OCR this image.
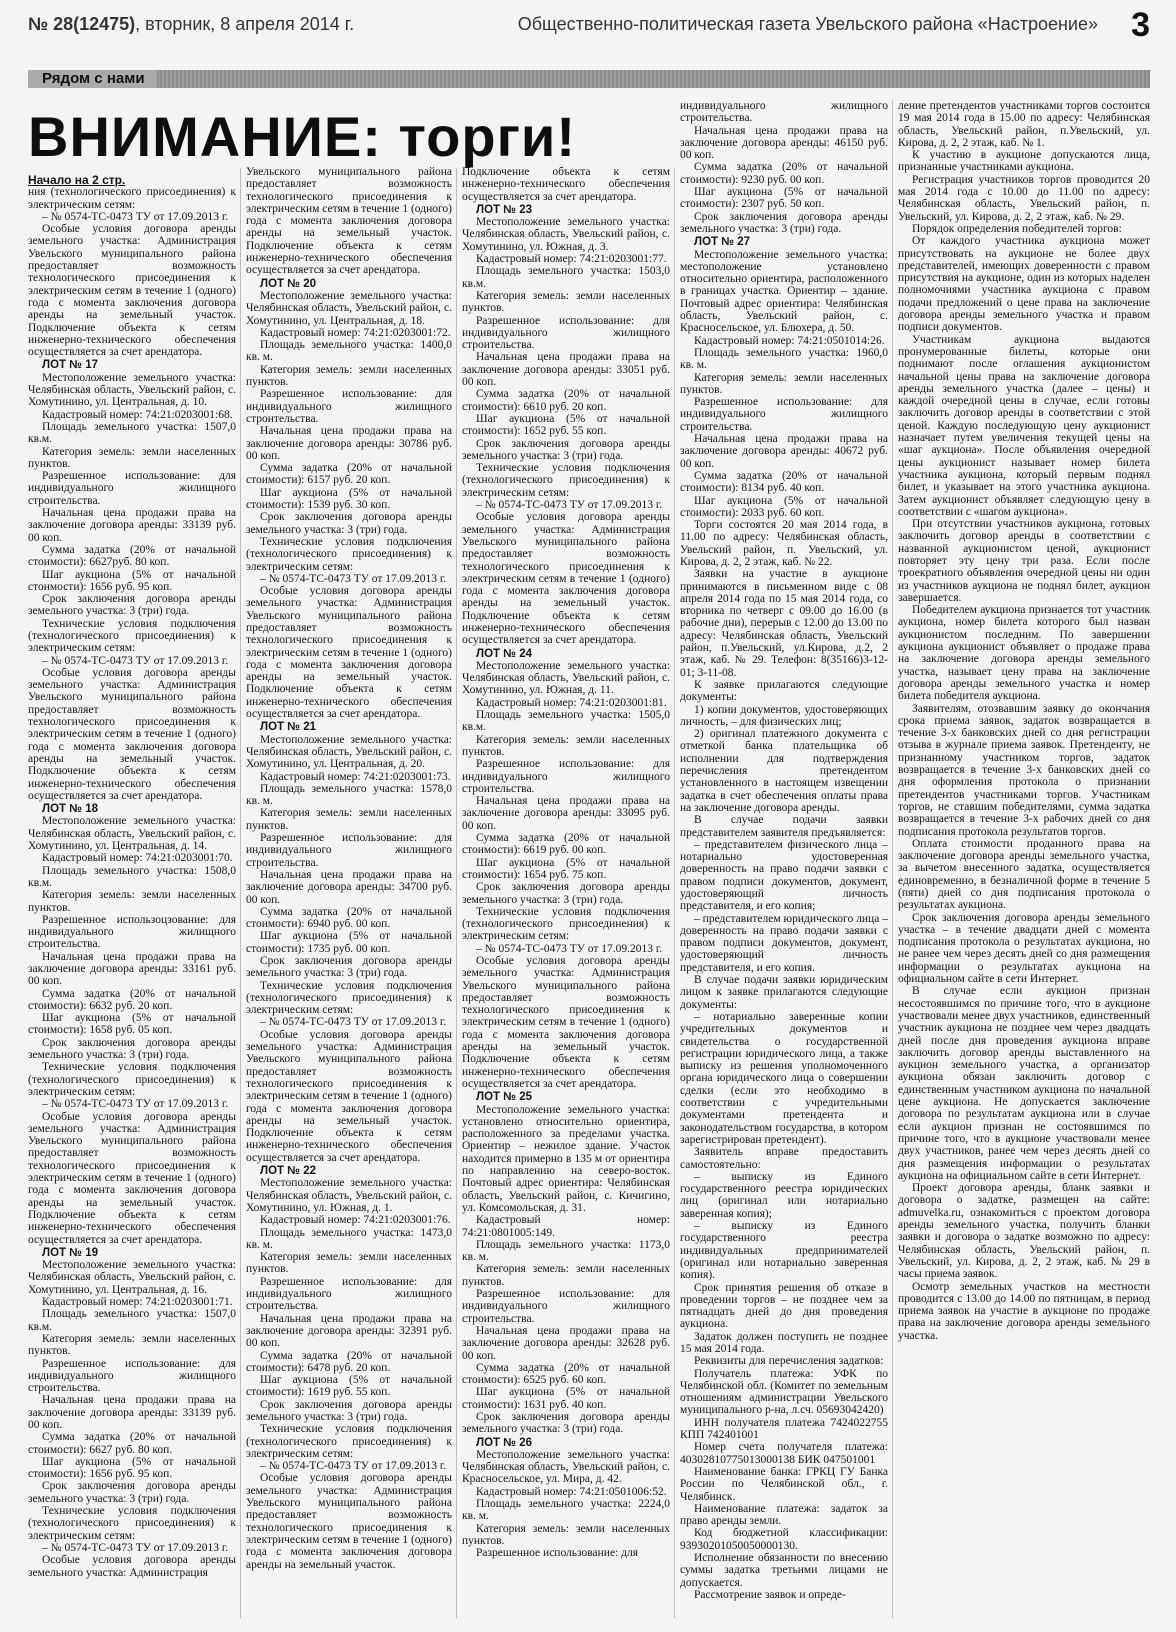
№ 28(12475), вторник, 8 апреля 2014 г.	Общественно-политическая газета Увельского района «Настроение» 3
Рядом с нами
ВНИМАНИЕ: торги!

Начало на 2 стр.

ния (технологического присоединения) к электрическим сетям:

– № 0574-ТС-0473 ТУ от 17.09.2013 г.

Особые условия договора аренды земельного участка: Администрация Увельского муниципального района предоставляет возможность технологического присоединения к электрическим сетям в течение 1 (одного) года с момента заключения договора аренды на земельный участок. Подключение объекта к сетям инженерно-технического обеспечения осуществляется за счет арендатора.

ЛОТ № 17

Местоположение земельного участка: Челябинская область, Увельский район, с. Хомутинино, ул. Центральная, д. 10.

Кадастровый номер: 74:21:0203001:68.

Площадь земельного участка: 1507,0 кв.м.

Категория земель: земли населенных пунктов.

Разрешенное использование: для индивидуального жилищного строительства.

Начальная цена продажи права на заключение договора аренды: 33139 руб. 00 коп.

Сумма задатка (20% от начальной стоимости): 6627руб. 80 коп.

Шаг аукциона (5% от начальной стоимости): 1656 руб. 95 коп.

Срок заключения договора аренды земельного участка: 3 (три) года.

Технические условия подключения (технологического присоединения) к электрическим сетям:

– № 0574-ТС-0473 ТУ от 17.09.2013 г.

Особые условия договора аренды земельного участка: Администрация Увельского муниципального района предоставляет возможность технологического присоединения к электрическим сетям в течение 1 (одного) года с момента заключения договора аренды на земельный участок. Подключение объекта к сетям инженерно-технического обеспечения осуществляется за счет арендатора.

ЛОТ № 18

Местоположение земельного участка: Челябинская область, Увельский район, с. Хомутинино, ул. Центральная, д. 14.

Кадастровый номер: 74:21:0203001:70.

Площадь земельного участка: 1508,0 кв.м.

Категория земель: земли населенных пунктов.

Разрешенное использоцзование: для индивидуального жилищного строительства.

Начальная цена продажи права на заключение договора аренды: 33161 руб. 00 коп.

Сумма задатка (20% от начальной стоимости): 6632 руб. 20 коп.

Шаг аукциона (5% от начальной стоимости): 1658 руб. 05 коп.

Срок заключения договора аренды земельного участка: 3 (три) года.

Технические условия подключения (технологического присоединения) к электрическим сетям:

– № 0574-ТС-0473 ТУ от 17.09.2013 г.

Особые условия договора аренды земельного участка: Администрация Увельского муниципального района предоставляет возможность технологического присоединения к электрическим сетям в течение 1 (одного) года с момента заключения договора аренды на земельный участок. Подключение объекта к сетям инженерно-технического обеспечения осуществляется за счет арендатора.

ЛОТ № 19

Местоположение земельного участка: Челябинская область, Увельский район, с. Хомутинино, ул. Центральная, д. 16.

Кадастровый номер: 74:21:0203001:71.

Площадь земельного участка: 1507,0 кв.м.

Категория земель: земли населенных пунктов.

Разрешенное использование: для индивидуального жилищного строительства.

Начальная цена продажи права на заключение договора аренды: 33139 руб. 00 коп.

Сумма задатка (20% от начальной стоимости): 6627 руб. 80 коп.

Шаг аукциона (5% от начальной стоимости): 1656 руб. 95 коп.

Срок заключения договора аренды земельного участка: 3 (три) года.

Технические условия подключения (технологического присоединения) к электрическим сетям:

– № 0574-ТС-0473 ТУ от 17.09.2013 г.

Особые условия договора аренды земельного участка: Администрация

Увельского муниципального района предоставляет возможность технологического присоединения к электрическим сетям в течение 1 (одного) года с момента заключения договора аренды на земельный участок. Подключение объекта к сетям инженерно-технического обеспечения осуществляется за счет арендатора.

ЛОТ № 20

Местоположение земельного участка: Челябинская область, Увельский район, с. Хомутинино, ул. Центральная, д. 18.

Кадастровый номер: 74:21:0203001:72.

Площадь земельного участка: 1400,0 кв. м.

Категория земель: земли населенных пунктов.

Разрешенное использование: для индивидуального жилищного строительства.

Начальная цена продажи права на заключение договора аренды: 30786 руб. 00 коп.

Сумма задатка (20% от начальной стоимости): 6157 руб. 20 коп.

Шаг аукциона (5% от начальной стоимости): 1539 руб. 30 коп.

Срок заключения договора аренды земельного участка: 3 (три) года.

Технические условия подключения (технологического присоединения) к электрическим сетям:

– № 0574-ТС-0473 ТУ от 17.09.2013 г.

Особые условия договора аренды земельного участка: Администрация Увельского муниципального района предоставляет возможность технологического присоединения к электрическим сетям в течение 1 (одного) года с момента заключения договора аренды на земельный участок. Подключение объекта к сетям инженерно-технического обеспечения осуществляется за счет арендатора.

ЛОТ № 21

Местоположение земельного участка: Челябинская область, Увельский район, с. Хомутинино, ул. Центральная, д. 20.

Кадастровый номер: 74:21:0203001:73.

Площадь земельного участка: 1578,0 кв. м.

Категория земель: земли населенных пунктов.

Разрешенное использование: для индивидуального жилищного строительства.

Начальная цена продажи права на заключение договора аренды: 34700 руб. 00 коп.

Сумма задатка (20% от начальной стоимости): 6940 руб. 00 коп.

Шаг аукциона (5% от начальной стоимости): 1735 руб. 00 коп.

Срок заключения договора аренды земельного участка: 3 (три) года.

Технические условия подключения (технологического присоединения) к электрическим сетям:

– № 0574-ТС-0473 ТУ от 17.09.2013 г.

Особые условия договора аренды земельного участка: Администрация Увельского муниципального района предоставляет возможность технологического присоединения к электрическим сетям в течение 1 (одного) года с момента заключения договора аренды на земельный участок. Подключение объекта к сетям инженерно-технического обеспечения осуществляется за счет арендатора.

ЛОТ № 22

Местоположение земельного участка: Челябинская область, Увельский район, с. Хомутинино, ул. Южная, д. 1.

Кадастровый номер: 74:21:0203001:76.

Площадь земельного участка: 1473,0 кв. м.

Категория земель: земли населенных пунктов.

Разрешенное использование: для индивидуального жилищного строительства.

Начальная цена продажи права на заключение договора аренды: 32391 руб. 00 коп.

Сумма задатка (20% от начальной стоимости): 6478 руб. 20 коп.

Шаг аукциона (5% от начальной стоимости): 1619 руб. 55 коп.

Срок заключения договора аренды земельного участка: 3 (три) года.

Технические условия подключения (технологического присоединения) к электрическим сетям:

– № 0574-ТС-0473 ТУ от 17.09.2013 г.

Особые условия договора аренды земельного участка: Администрация Увельского муниципального района предоставляет возможность технологического присоединения к электрическим сетям в течение 1 (одного) года с момента заключения договора аренды на земельный участок.

Подключение объекта к сетям инженерно-технического обеспечения осуществляется за счет арендатора.

ЛОТ № 23

Местоположение земельного участка: Челябинская область, Увельский район, с. Хомутинино, ул. Южная, д. 3.

Кадастровый номер: 74:21:0203001:77.

Площадь земельного участка: 1503,0 кв.м.

Категория земель: земли населенных пунктов.

Разрешенное использование: для индивидуального жилищного строительства.

Начальная цена продажи права на заключение договора аренды: 33051 руб. 00 коп.

Сумма задатка (20% от начальной стоимости): 6610 руб. 20 коп.

Шаг аукциона (5% от начальной стоимости): 1652 руб. 55 коп.

Срок заключения договора аренды земельного участка: 3 (три) года.

Технические условия подключения (технологического присоединения) к электрическим сетям:

– № 0574-ТС-0473 ТУ от 17.09.2013 г.

Особые условия договора аренды земельного участка: Администрация Увельского муниципального района предоставляет возможность технологического присоединения к электрическим сетям в течение 1 (одного) года с момента заключения договора аренды на земельный участок. Подключение объекта к сетям инженерно-технического обеспечения осуществляется за счет арендатора.

ЛОТ № 24

Местоположение земельного участка: Челябинская область, Увельский район, с. Хомутинино, ул. Южная, д. 11.

Кадастровый номер: 74:21:0203001:81.

Площадь земельного участка: 1505,0 кв.м.

Категория земель: земли населенных пунктов.

Разрешенное использование: для индивидуального жилищного строительства.

Начальная цена продажи права на заключение договора аренды: 33095 руб. 00 коп.

Сумма задатка (20% от начальной стоимости): 6619 руб. 00 коп.

Шаг аукциона (5% от начальной стоимости): 1654 руб. 75 коп.

Срок заключения договора аренды земельного участка: 3 (три) года.

Технические условия подключения (технологического присоединения) к электрическим сетям:

– № 0574-ТС-0473 ТУ от 17.09.2013 г.

Особые условия договора аренды земельного участка: Администрация Увельского муниципального района предоставляет возможность технологического присоединения к электрическим сетям в течение 1 (одного) года с момента заключения договора аренды на земельный участок. Подключение объекта к сетям инженерно-технического обеспечения осуществляется за счет арендатора.

ЛОТ № 25

Местоположение земельного участка: установлено относительно ориентира, расположенного за пределами участка. Ориентир – нежилое здание. Участок находится примерно в 135 м от ориентира по направлению на северо-восток. Почтовый адрес ориентира: Челябинская область, Увельский район, с. Кичигино, ул. Комсомольская, д. 31.

Кадастровый номер: 74:21:0801005:149.

Площадь земельного участка: 1173,0 кв. м.

Категория земель: земли населенных пунктов.

Разрешенное использование: для индивидуального жилищного строительства.

Начальная цена продажи права на заключение договора аренды: 32628 руб. 00 коп.

Сумма задатка (20% от начальной стоимости): 6525 руб. 60 коп.

Шаг аукциона (5% от начальной стоимости): 1631 руб. 40 коп.

Срок заключения договора аренды земельного участка: 3 (три) года.

ЛОТ № 26

Местоположение земельного участка: Челябинская область, Увельский район, с. Красносельское, ул. Мира, д. 42.

Кадастровый номер: 74:21:0501006:52.

Площадь земельного участка: 2224,0 кв. м.

Категория земель: земли населенных пунктов.

Разрешенное использование: для

индивидуального жилищного строительства.

Начальная цена продажи права на заключение договора аренды: 46150 руб. 00 коп.

Сумма задатка (20% от начальной стоимости): 9230 руб. 00 коп.

Шаг аукциона (5% от начальной стоимости): 2307 руб. 50 коп.

Срок заключения договора аренды земельного участка: 3 (три) года.

ЛОТ № 27

Местоположение земельного участка: местоположение установлено относительно ориентира, расположенного в границах участка. Ориентир – здание. Почтовый адрес ориентира: Челябинская область, Увельский район, с. Красносельское, ул. Блюхера, д. 50.

Кадастровый номер: 74:21:0501014:26.

Площадь земельного участка: 1960,0 кв. м.

Категория земель: земли населенных пунктов.

Разрешенное использование: для индивидуального жилищного строительства.

Начальная цена продажи права на заключение договора аренды: 40672 руб. 00 коп.

Сумма задатка (20% от начальной стоимости): 8134 руб. 40 коп.

Шаг аукциона (5% от начальной стоимости): 2033 руб. 60 коп.

Торги состоятся 20 мая 2014 года, в 11.00 по адресу: Челябинская область, Увельский район, п. Увельский, ул. Кирова, д. 2, 2 этаж, каб. № 22.

Заявки на участие в аукционе принимаются в письменном виде с 08 апреля 2014 года по 15 мая 2014 года, со вторника по четверг с 09.00 до 16.00 (в рабочие дни), перерыв с 12.00 до 13.00 по адресу: Челябинская область, Увельский район, п.Увельский, ул.Кирова, д.2, 2 этаж, каб. № 29. Телефон: 8(35166)3-12-01; 3-11-08.

К заявке прилагаются следующие документы:

1) копии документов, удостоверяющих личность, – для физических лиц;

2) оригинал платежного документа с отметкой банка плательщика об исполнении для подтверждения перечисления претендентом установленного в настоящем извещении задатка в счет обеспечения оплаты права на заключение договора аренды.

В случае подачи заявки представителем заявителя предъявляется:

– представителем физического лица – нотариально удостоверенная доверенность на право подачи заявки с правом подписи документов, документ, удостоверяющий личность представителя, и его копия;

– представителем юридического лица – доверенность на право подачи заявки с правом подписи документов, документ, удостоверяющий личность представителя, и его копия.

В случае подачи заявки юридическим лицом к заявке прилагаются следующие документы:

– нотариально заверенные копии учредительных документов и свидетельства о государственной регистрации юридического лица, а также выписку из решения уполномоченного органа юридического лица о совершении сделки (если это необходимо в соответствии с учредительными документами претендента и законодательством государства, в котором зарегистрирован претендент).

Заявитель вправе предоставить самостоятельно:

– выписку из Единого государственного реестра юридических лиц (оригинал или нотариально заверенная копия);

– выписку из Единого государственного реестра индивидуальных предпринимателей (оригинал или нотариально заверенная копия).

Срок принятия решения об отказе в проведении торгов – не позднее чем за пятнадцать дней до дня проведения аукциона.

Задаток должен поступить не позднее 15 мая 2014 года.

Реквизиты для перечисления задатков:

Получатель платежа: УФК по Челябинской обл. (Комитет по земельным отношениям администрации Увельского муниципального р-на, л.сч. 05693042420)

ИНН получателя платежа 7424022755 КПП 742401001

Номер счета получателя платежа: 40302810775013000138 БИК 047501001

Наименование банка: ГРКЦ ГУ Банка России по Челябинской обл., г. Челябинск.

Наименование платежа: задаток за право аренды земли.

Код бюджетной классификации: 93930201050050000130.

Исполнение обязанности по внесению суммы задатка третьими лицами не допускается.

Рассмотрение заявок и опреде-

ление претендентов участниками торгов состоится 19 мая 2014 года в 15.00 по адресу: Челябинская область, Увельский район, п.Увельский, ул. Кирова, д. 2, 2 этаж, каб. № 1.

К участию в аукционе допускаются лица, признанные участниками аукциона.

Регистрация участников торгов проводится 20 мая 2014 года с 10.00 до 11.00 по адресу: Челябинская область, Увельский район, п. Увельский, ул. Кирова, д. 2, 2 этаж, каб. № 29.

Порядок определения победителей торгов:

От каждого участника аукциона может присутствовать на аукционе не более двух представителей, имеющих доверенности с правом присутствия на аукционе, один из которых наделен полномочиями участника аукциона с правом подачи предложений о цене права на заключение договора аренды земельного участка и правом подписи документов.

Участникам аукциона выдаются пронумерованные билеты, которые они поднимают после оглашения аукционистом начальной цены права на заключение договора аренды земельного участка (далее – цены) и каждой очередной цены в случае, если готовы заключить договор аренды в соответствии с этой ценой. Каждую последующую цену аукционист назначает путем увеличения текущей цены на «шаг аукциона». После объявления очередной цены аукционист называет номер билета участника аукциона, который первым поднял билет, и указывает на этого участника аукциона. Затем аукционист объявляет следующую цену в соответствии с «шагом аукциона».

При отсутствии участников аукциона, готовых заключить договор аренды в соответствии с названной аукционистом ценой, аукционист повторяет эту цену три раза. Если после троекратного объявления очередной цены ни один из участников аукциона не поднял билет, аукцион завершается.

Победителем аукциона признается тот участник аукциона, номер билета которого был назван аукционистом последним. По завершении аукциона аукционист объявляет о продаже права на заключение договора аренды земельного участка, называет цену права на заключение договора аренды земельного участка и номер билета победителя аукциона.

Заявителям, отозвавшим заявку до окончания срока приема заявок, задаток возвращается в течение 3-х банковских дней со дня регистрации отзыва в журнале приема заявок. Претенденту, не признанному участником торгов, задаток возвращается в течение 3-х банковских дней со дня оформления протокола о признании претендентов участниками торгов. Участникам торгов, не ставшим победителями, сумма задатка возвращается в течение 3-х рабочих дней со дня подписания протокола результатов торгов.

Оплата стоимости проданного права на заключение договора аренды земельного участка, за вычетом внесенного задатка, осуществляется единовременно, в безналичной форме в течение 5 (пяти) дней со дня подписания протокола о результатах аукциона.

Срок заключения договора аренды земельного участка – в течение двадцати дней с момента подписания протокола о результатах аукциона, но не ранее чем через десять дней со дня размещения информации о результатах аукциона на официальном сайте в сети Интернет.

В случае если аукцион признан несостоявшимся по причине того, что в аукционе участвовали менее двух участников, единственный участник аукциона не позднее чем через двадцать дней после дня проведения аукциона вправе заключить договор аренды выставленного на аукцион земельного участка, а организатор аукциона обязан заключить договор с единственным участником аукциона по начальной цене аукциона. Не допускается заключение договора по результатам аукциона или в случае если аукцион признан не состоявшимся по причине того, что в аукционе участвовали менее двух участников, ранее чем через десять дней со дня размещения информации о результатах аукциона на официальном сайте в сети Интернет.

Проект договора аренды, бланк заявки и договора о задатке, размещен на сайте: admuvelka.ru, ознакомиться с проектом договора аренды земельного участка, получить бланки заявки и договора о задатке возможно по адресу: Челябинская область, Увельский район, п. Увельский, ул. Кирова, д. 2, 2 этаж, каб. № 29 в часы приема заявок.

Осмотр земельных участков на местности проводится с 13.00 до 14.00 по пятницам, в период приема заявок на участие в аукционе по продаже права на заключение договора аренды земельного участка.
